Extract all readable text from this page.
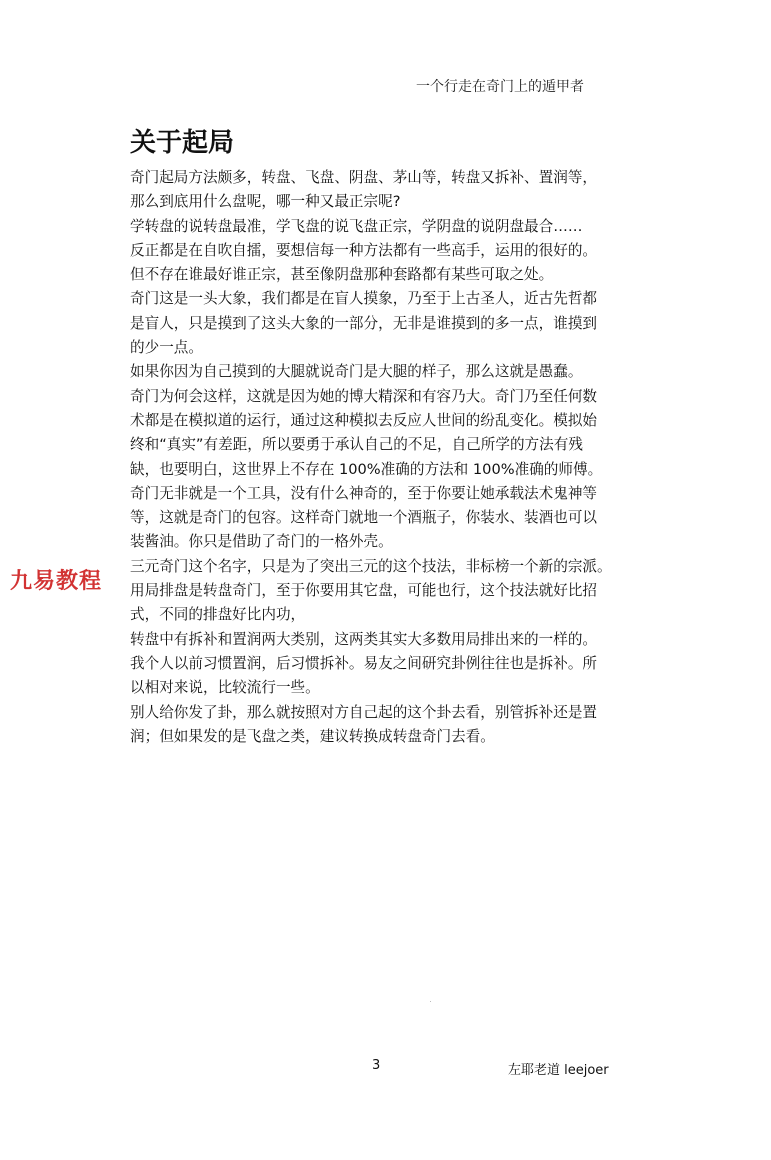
一个行走在奇门上的遁甲者
关于起局
奇门起局方法颇多，转盘、飞盘、阴盘、茅山等，转盘又拆补、置润等，
那么到底用什么盘呢，哪一种又最正宗呢?
学转盘的说转盘最准，学飞盘的说飞盘正宗，学阴盘的说阴盘最合……
反正都是在自吹自擂，要想信每一种方法都有一些高手，运用的很好的。
但不存在谁最好谁正宗，甚至像阴盘那种套路都有某些可取之处。
奇门这是一头大象，我们都是在盲人摸象，乃至于上古圣人，近古先哲都
是盲人，只是摸到了这头大象的一部分，无非是谁摸到的多一点，谁摸到
的少一点。
如果你因为自己摸到的大腿就说奇门是大腿的样子，那么这就是愚蠢。
奇门为何会这样，这就是因为她的博大精深和有容乃大。奇门乃至任何数
术都是在模拟道的运行，通过这种模拟去反应人世间的纷乱变化。模拟始
终和“真实”有差距，所以要勇于承认自己的不足，自己所学的方法有残
缺，也要明白，这世界上不存在 100%准确的方法和 100%准确的师傅。
奇门无非就是一个工具，没有什么神奇的，至于你要让她承载法术鬼神等
等，这就是奇门的包容。这样奇门就地一个酒瓶子，你装水、装酒也可以
装酱油。你只是借助了奇门的一格外壳。
三元奇门这个名字，只是为了突出三元的这个技法，非标榜一个新的宗派。
用局排盘是转盘奇门，至于你要用其它盘，可能也行，这个技法就好比招
式，不同的排盘好比内功，
转盘中有拆补和置润两大类别，这两类其实大多数用局排出来的一样的。
我个人以前习惯置润，后习惯拆补。易友之间研究卦例往往也是拆补。所
以相对来说，比较流行一些。
别人给你发了卦，那么就按照对方自己起的这个卦去看，别管拆补还是置
润；但如果发的是飞盘之类，建议转换成转盘奇门去看。
九易教程
3	左耶老道 leejoer
